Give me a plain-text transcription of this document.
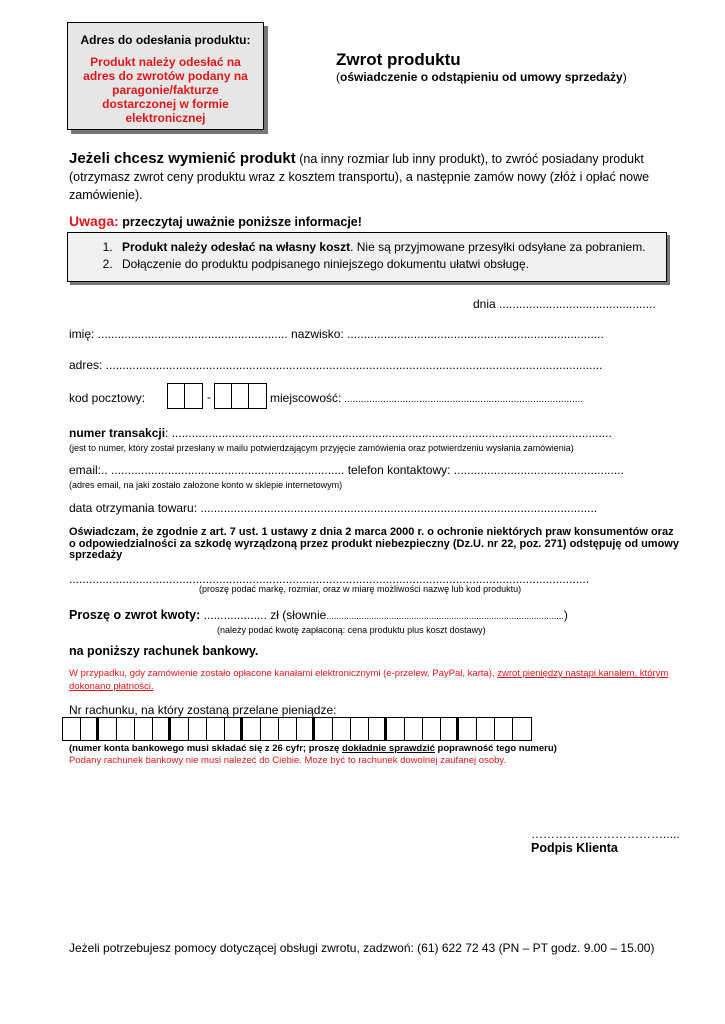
Adres do odesłania produktu:
Produkt należy odesłać na adres do zwrotów podany na paragonie/fakturze dostarczonej w formie elektronicznej
Zwrot produktu
(oświadczenie o odstąpieniu od umowy sprzedaży)
Jeżeli chcesz wymienić produkt (na inny rozmiar lub inny produkt), to zwróć posiadany produkt (otrzymasz zwrot ceny produktu wraz z kosztem transportu), a następnie zamów nowy (złóż i opłać nowe zamówienie).
Uwaga: przeczytaj uważnie poniższe informacje!
1. Produkt należy odesłać na własny koszt. Nie są przyjmowane przesyłki odsyłane za pobraniem.
2. Dołączenie do produktu podpisanego niniejszego dokumentu ułatwi obsługę.
dnia ...............................................
imię: ......................................................... nazwisko: .............................................................................
adres: .....................................................................................................................................................
kod pocztowy:	-	miejscowość: ......................................................................................
numer transakcji: ....................................................................................................................................
(jest to numer, który został przesłany w mailu potwierdzającym przyjęcie zamówienia oraz potwierdzeniu wysłania zamówienia)
email:.. ...................................................................... telefon kontaktowy: ...................................................
(adres email, na jaki zostało założone konto w sklepie internetowym)
data otrzymania towaru: .......................................................................................................................
Oświadczam, że zgodnie z art. 7 ust. 1 ustawy z dnia 2 marca 2000 r. o ochronie niektórych praw konsumentów oraz o odpowiedzialności za szkodę wyrządzoną przez produkt niebezpieczny (Dz.U. nr 22, poz. 271) odstępuję od umowy sprzedaży
............................................................................................................................................................
(proszę podać markę, rozmiar, oraz w miarę możliwości nazwę lub kod produktu)
Proszę o zwrot kwoty: ................... zł (słownie...............................................................................................)
(należy podać kwotę zapłaconą: cena produktu plus koszt dostawy)
na poniższy rachunek bankowy.
W przypadku, gdy zamówienie zostało opłacone kanałami elektronicznymi (e-przelew, PayPal, karta), zwrot pieniędzy nastąpi kanałem, którym dokonano płatności.
Nr rachunku, na który zostaną przelane pieniądze:
(numer konta bankowego musi składać się z 26 cyfr; proszę dokładnie sprawdzić poprawność tego numeru)
Podany rachunek bankowy nie musi należeć do Ciebie. Może być to rachunek dowolnej zaufanej osoby.
…………………………….....
Podpis Klienta
Jeżeli potrzebujesz pomocy dotyczącej obsługi zwrotu, zadzwoń: (61) 622 72 43 (PN – PT godz. 9.00 – 15.00)
